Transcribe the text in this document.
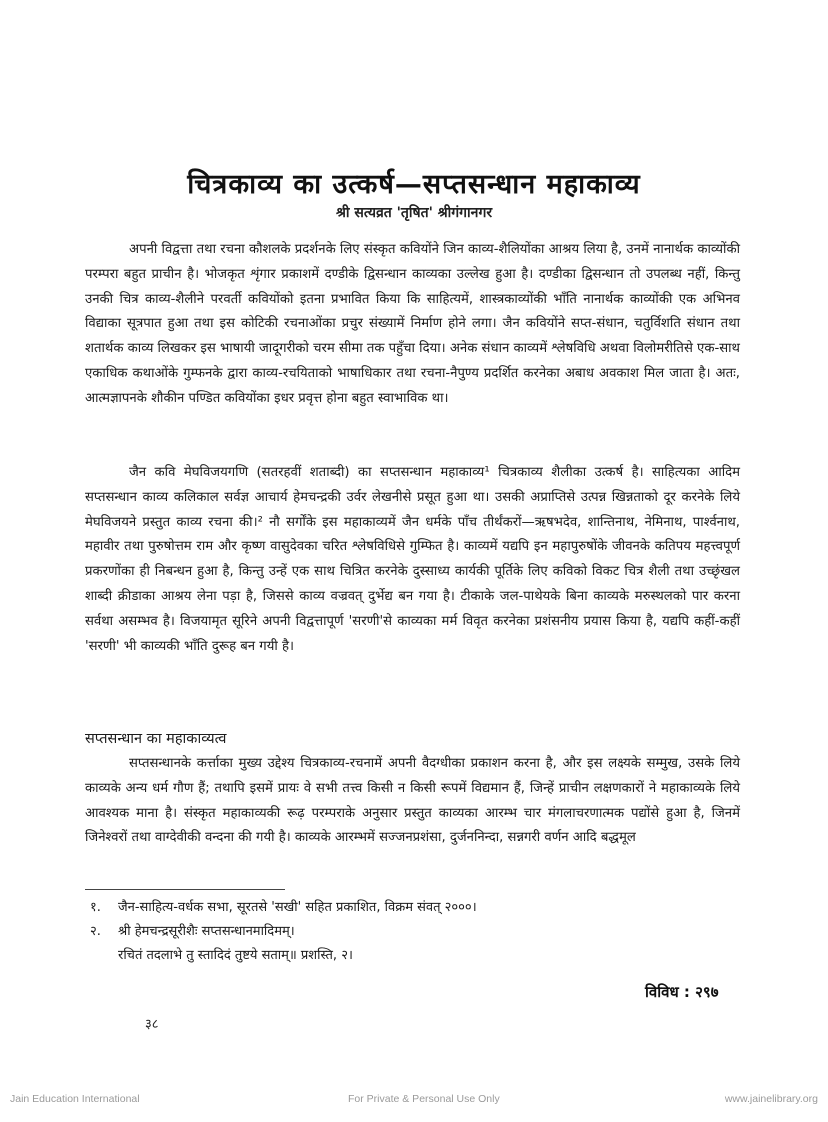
चित्रकाव्य का उत्कर्ष—सप्तसन्धान महाकाव्य
श्री सत्यव्रत 'तृषित' श्रीगंगानगर

अपनी विद्वत्ता तथा रचना कौशलके प्रदर्शनके लिए संस्कृत कवियोंने जिन काव्य-शैलियोंका आश्रय लिया है, उनमें नानार्थक काव्योंकी परम्परा बहुत प्राचीन है। भोजकृत शृंगार प्रकाशमें दण्डीके द्विसन्धान काव्यका उल्लेख हुआ है। दण्डीका द्विसन्धान तो उपलब्ध नहीं, किन्तु उनकी चित्र काव्य-शैलीने परवर्ती कवियोंको इतना प्रभावित किया कि साहित्यमें, शास्त्रकाव्योंकी भाँति नानार्थक काव्योंकी एक अभिनव विद्याका सूत्रपात हुआ तथा इस कोटिकी रचनाओंका प्रचुर संख्यामें निर्माण होने लगा। जैन कवियोंने सप्त-संधान, चतुर्विशति संधान तथा शतार्थक काव्य लिखकर इस भाषायी जादूगरीको चरम सीमा तक पहुँचा दिया। अनेक संधान काव्यमें श्लेषविधि अथवा विलोमरीतिसे एक-साथ एकाधिक कथाओंके गुम्फनके द्वारा काव्य-रचयिताको भाषाधिकार तथा रचना-नैपुण्य प्रदर्शित करनेका अबाध अवकाश मिल जाता है। अतः, आत्मज्ञापनके शौकीन पण्डित कवियोंका इधर प्रवृत्त होना बहुत स्वाभाविक था।

जैन कवि मेघविजयगणि (सतरहवीं शताब्दी) का सप्तसन्धान महाकाव्य¹ चित्रकाव्य शैलीका उत्कर्ष है। साहित्यका आदिम सप्तसन्धान काव्य कलिकाल सर्वज्ञ आचार्य हेमचन्द्रकी उर्वर लेखनीसे प्रसूत हुआ था। उसकी अप्राप्तिसे उत्पन्न खिन्नताको दूर करनेके लिये मेघविजयने प्रस्तुत काव्य रचना की।² नौ सर्गोंके इस महाकाव्यमें जैन धर्मके पाँच तीर्थंकरों—ऋषभदेव, शान्तिनाथ, नेमिनाथ, पार्श्वनाथ, महावीर तथा पुरुषोत्तम राम और कृष्ण वासुदेवका चरित श्लेषविधिसे गुम्फित है। काव्यमें यद्यपि इन महापुरुषोंके जीवनके कतिपय महत्त्वपूर्ण प्रकरणोंका ही निबन्धन हुआ है, किन्तु उन्हें एक साथ चित्रित करनेके दुस्साध्य कार्यकी पूर्तिके लिए कविको विकट चित्र शैली तथा उच्छृंखल शाब्दी क्रीडाका आश्रय लेना पड़ा है, जिससे काव्य वज्रवत् दुर्भेद्य बन गया है। टीकाके जल-पाथेयके बिना काव्यके मरुस्थलको पार करना सर्वथा असम्भव है। विजयामृत सूरिने अपनी विद्वत्तापूर्ण 'सरणी'से काव्यका मर्म विवृत करनेका प्रशंसनीय प्रयास किया है, यद्यपि कहीं-कहीं 'सरणी' भी काव्यकी भाँति दुरूह बन गयी है।

सप्तसन्धान का महाकाव्यत्व

सप्तसन्धानके कर्त्ताका मुख्य उद्देश्य चित्रकाव्य-रचनामें अपनी वैदग्धीका प्रकाशन करना है, और इस लक्ष्यके सम्मुख, उसके लिये काव्यके अन्य धर्म गौण हैं; तथापि इसमें प्रायः वे सभी तत्त्व किसी न किसी रूपमें विद्यमान हैं, जिन्हें प्राचीन लक्षणकारों ने महाकाव्यके लिये आवश्यक माना है। संस्कृत महाकाव्यकी रूढ़ परम्पराके अनुसार प्रस्तुत काव्यका आरम्भ चार मंगलाचरणात्मक पद्योंसे हुआ है, जिनमें जिनेश्वरों तथा वाग्देवीकी वन्दना की गयी है। काव्यके आरम्भमें सज्जनप्रशंसा, दुर्जननिन्दा, सन्नगरी वर्णन आदि बद्धमूल

१.	जैन-साहित्य-वर्धक सभा, सूरतसे 'सखी' सहित प्रकाशित, विक्रम संवत् २०००।
२.	श्री हेमचन्द्रसूरीशैः सप्तसन्धानमादिमम्।
रचितं तदलाभे तु स्तादिदं तुष्टये सताम्॥ प्रशस्ति, २।
विविध : २९७
३८
Jain Education International	For Private & Personal Use Only	www.jainelibrary.org
